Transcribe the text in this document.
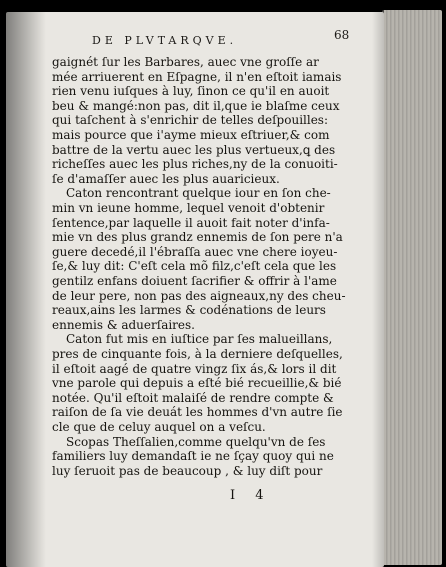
DE PLVTARQVE.	68
gaignét ſur les Barbares, auec vne groſſe ar
mée arriuerent en Eſpagne, il n'en eſtoit iamais
rien venu iuſques à luy, ſinon ce qu'il en auoit
beu & mangé:non pas, dit il,que ie blaſme ceux
qui taſchent à s'enrichir de telles deſpouilles:
mais pource que i'ayme mieux eſtriuer,& com
battre de la vertu auec les plus vertueux,ꝗ des
richeſſes auec les plus riches,ny de la conuoiti-
ſe d'amaſſer auec les plus auaricieux.
Caton rencontrant quelque iour en ſon che-
min vn ieune homme, lequel venoit d'obtenir
ſentence,par laquelle il auoit fait noter d'infa-
mie vn des plus grandz ennemis de ſon pere n'a
guere decedé,il l'ébraſſa auec vne chere ioyeu-
ſe,& luy dit: C'eſt cela mõ filz,c'eſt cela que les
gentilz enfans doiuent ſacrifier & offrir à l'ame
de leur pere, non pas des aigneaux,ny des cheu-
reaux,ains les larmes & codénations de leurs
ennemis & aduerſaires.
Caton fut mis en iuſtice par ſes malueillans,
pres de cinquante fois, à la derniere deſquelles,
il eſtoit aagé de quatre vingz ſix ás,& lors il dit
vne parole qui depuis a eſté bié recueillie,& bié
notée. Qu'il eſtoit malaiſé de rendre compte &
raiſon de ſa vie deuát les hommes d'vn autre ſie
cle que de celuy auquel on a veſcu.
Scopas Theſſalien,comme quelqu'vn de ſes
familiers luy demandaſt ie ne ſçay quoy qui ne
luy ſeruoit pas de beaucoup , & luy diſt pour
I 4
